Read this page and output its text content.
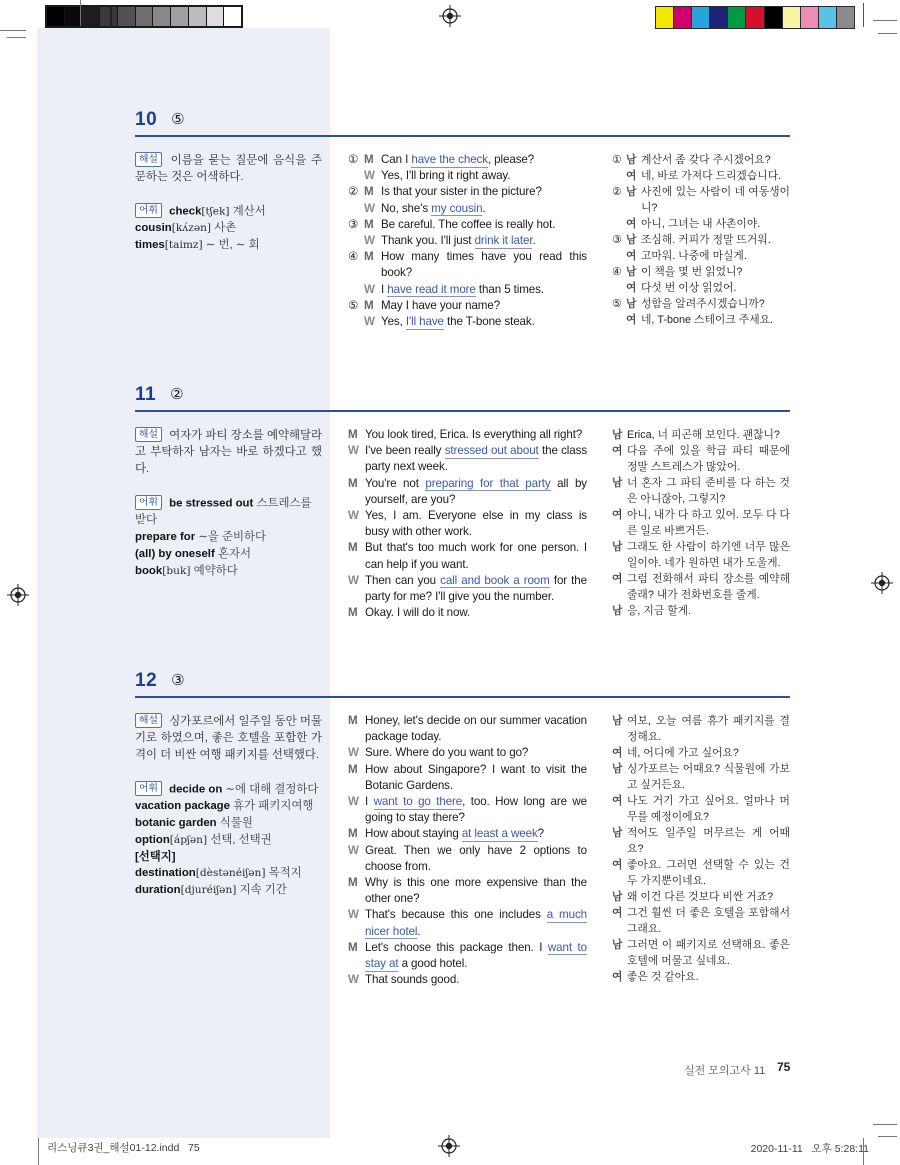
10 ⑤

해설 이름을 묻는 질문에 음식을 주문하는 것은 어색하다.

어휘 check[tʃek] 계산서
cousin[kʌ́zən] 사촌
times[taimz] ∼ 번, ∼ 회

① M Can I have the check, please?
W Yes, I'll bring it right away.
② M Is that your sister in the picture?
W No, she's my cousin.
③ M Be careful. The coffee is really hot.
W Thank you. I'll just drink it later.
④ M How many times have you read this book?
W I have read it more than 5 times.
⑤ M May I have your name?
W Yes, I'll have the T-bone steak.
① 남 계산서 좀 갖다 주시겠어요?
여 네, 바로 가져다 드리겠습니다.
② 남 사진에 있는 사람이 네 여동생이니?
여 아니, 그녀는 내 사촌이야.
③ 남 조심해. 커피가 정말 뜨거워.
여 고마워. 나중에 마실게.
④ 남 이 책을 몇 번 읽었니?
여 다섯 번 이상 읽었어.
⑤ 남 성함을 알려주시겠습니까?
여 네, T-bone 스테이크 주세요.
11 ②

해설 여자가 파티 장소를 예약해달라고 부탁하자 남자는 바로 하겠다고 했다.

어휘 be stressed out 스트레스를 받다
prepare for ∼을 준비하다
(all) by oneself 혼자서
book[buk] 예약하다

M You look tired, Erica. Is everything all right?
W I've been really stressed out about the class party next week.
M You're not preparing for that party all by yourself, are you?
W Yes, I am. Everyone else in my class is busy with other work.
M But that's too much work for one person. I can help if you want.
W Then can you call and book a room for the party for me? I'll give you the number.
M Okay. I will do it now.
남 Erica, 너 피곤해 보인다. 괜찮니?
여 다음 주에 있을 학급 파티 때문에 정말 스트레스가 많았어.
남 너 혼자 그 파티 준비를 다 하는 것은 아니잖아, 그렇지?
여 아니, 내가 다 하고 있어. 모두 다 다른 일로 바쁘거든.
남 그래도 한 사람이 하기엔 너무 많은 일이야. 네가 원하면 내가 도울게.
여 그럼 전화해서 파티 장소를 예약해 줄래? 내가 전화번호를 줄게.
남 응, 지금 할게.
12 ③

해설 싱가포르에서 일주일 동안 머물기로 하였으며, 좋은 호텔을 포함한 가격이 더 비싼 여행 패키지를 선택했다.

어휘 decide on ∼에 대해 결정하다
vacation package 휴가 패키지여행
botanic garden 식물원
option[ápʃən] 선택, 선택권
[선택지]
destination[dèstənéiʃən] 목적지
duration[djuréiʃən] 지속 기간

M Honey, let's decide on our summer vacation package today.
W Sure. Where do you want to go?
M How about Singapore? I want to visit the Botanic Gardens.
W I want to go there, too. How long are we going to stay there?
M How about staying at least a week?
W Great. Then we only have 2 options to choose from.
M Why is this one more expensive than the other one?
W That's because this one includes a much nicer hotel.
M Let's choose this package then. I want to stay at a good hotel.
W That sounds good.
남 여보, 오늘 여름 휴가 패키지를 결정해요.
여 네, 어디에 가고 싶어요?
남 싱가포르는 어때요? 식물원에 가보고 싶거든요.
여 나도 거기 가고 싶어요. 얼마나 머무를 예정이에요?
남 적어도 일주일 머무르는 게 어때요?
여 좋아요. 그러면 선택할 수 있는 건 두 가지뿐이네요.
남 왜 이건 다른 것보다 비싼 거죠?
여 그건 훨씬 더 좋은 호텔을 포함해서 그래요.
남 그러면 이 패키지로 선택해요. 좋은 호텔에 머물고 싶네요.
여 좋은 것 같아요.
실전 모의고사 11 75
리스닝큐3권_해설01-12.indd   75	2020-11-11   오후 5:28:11
